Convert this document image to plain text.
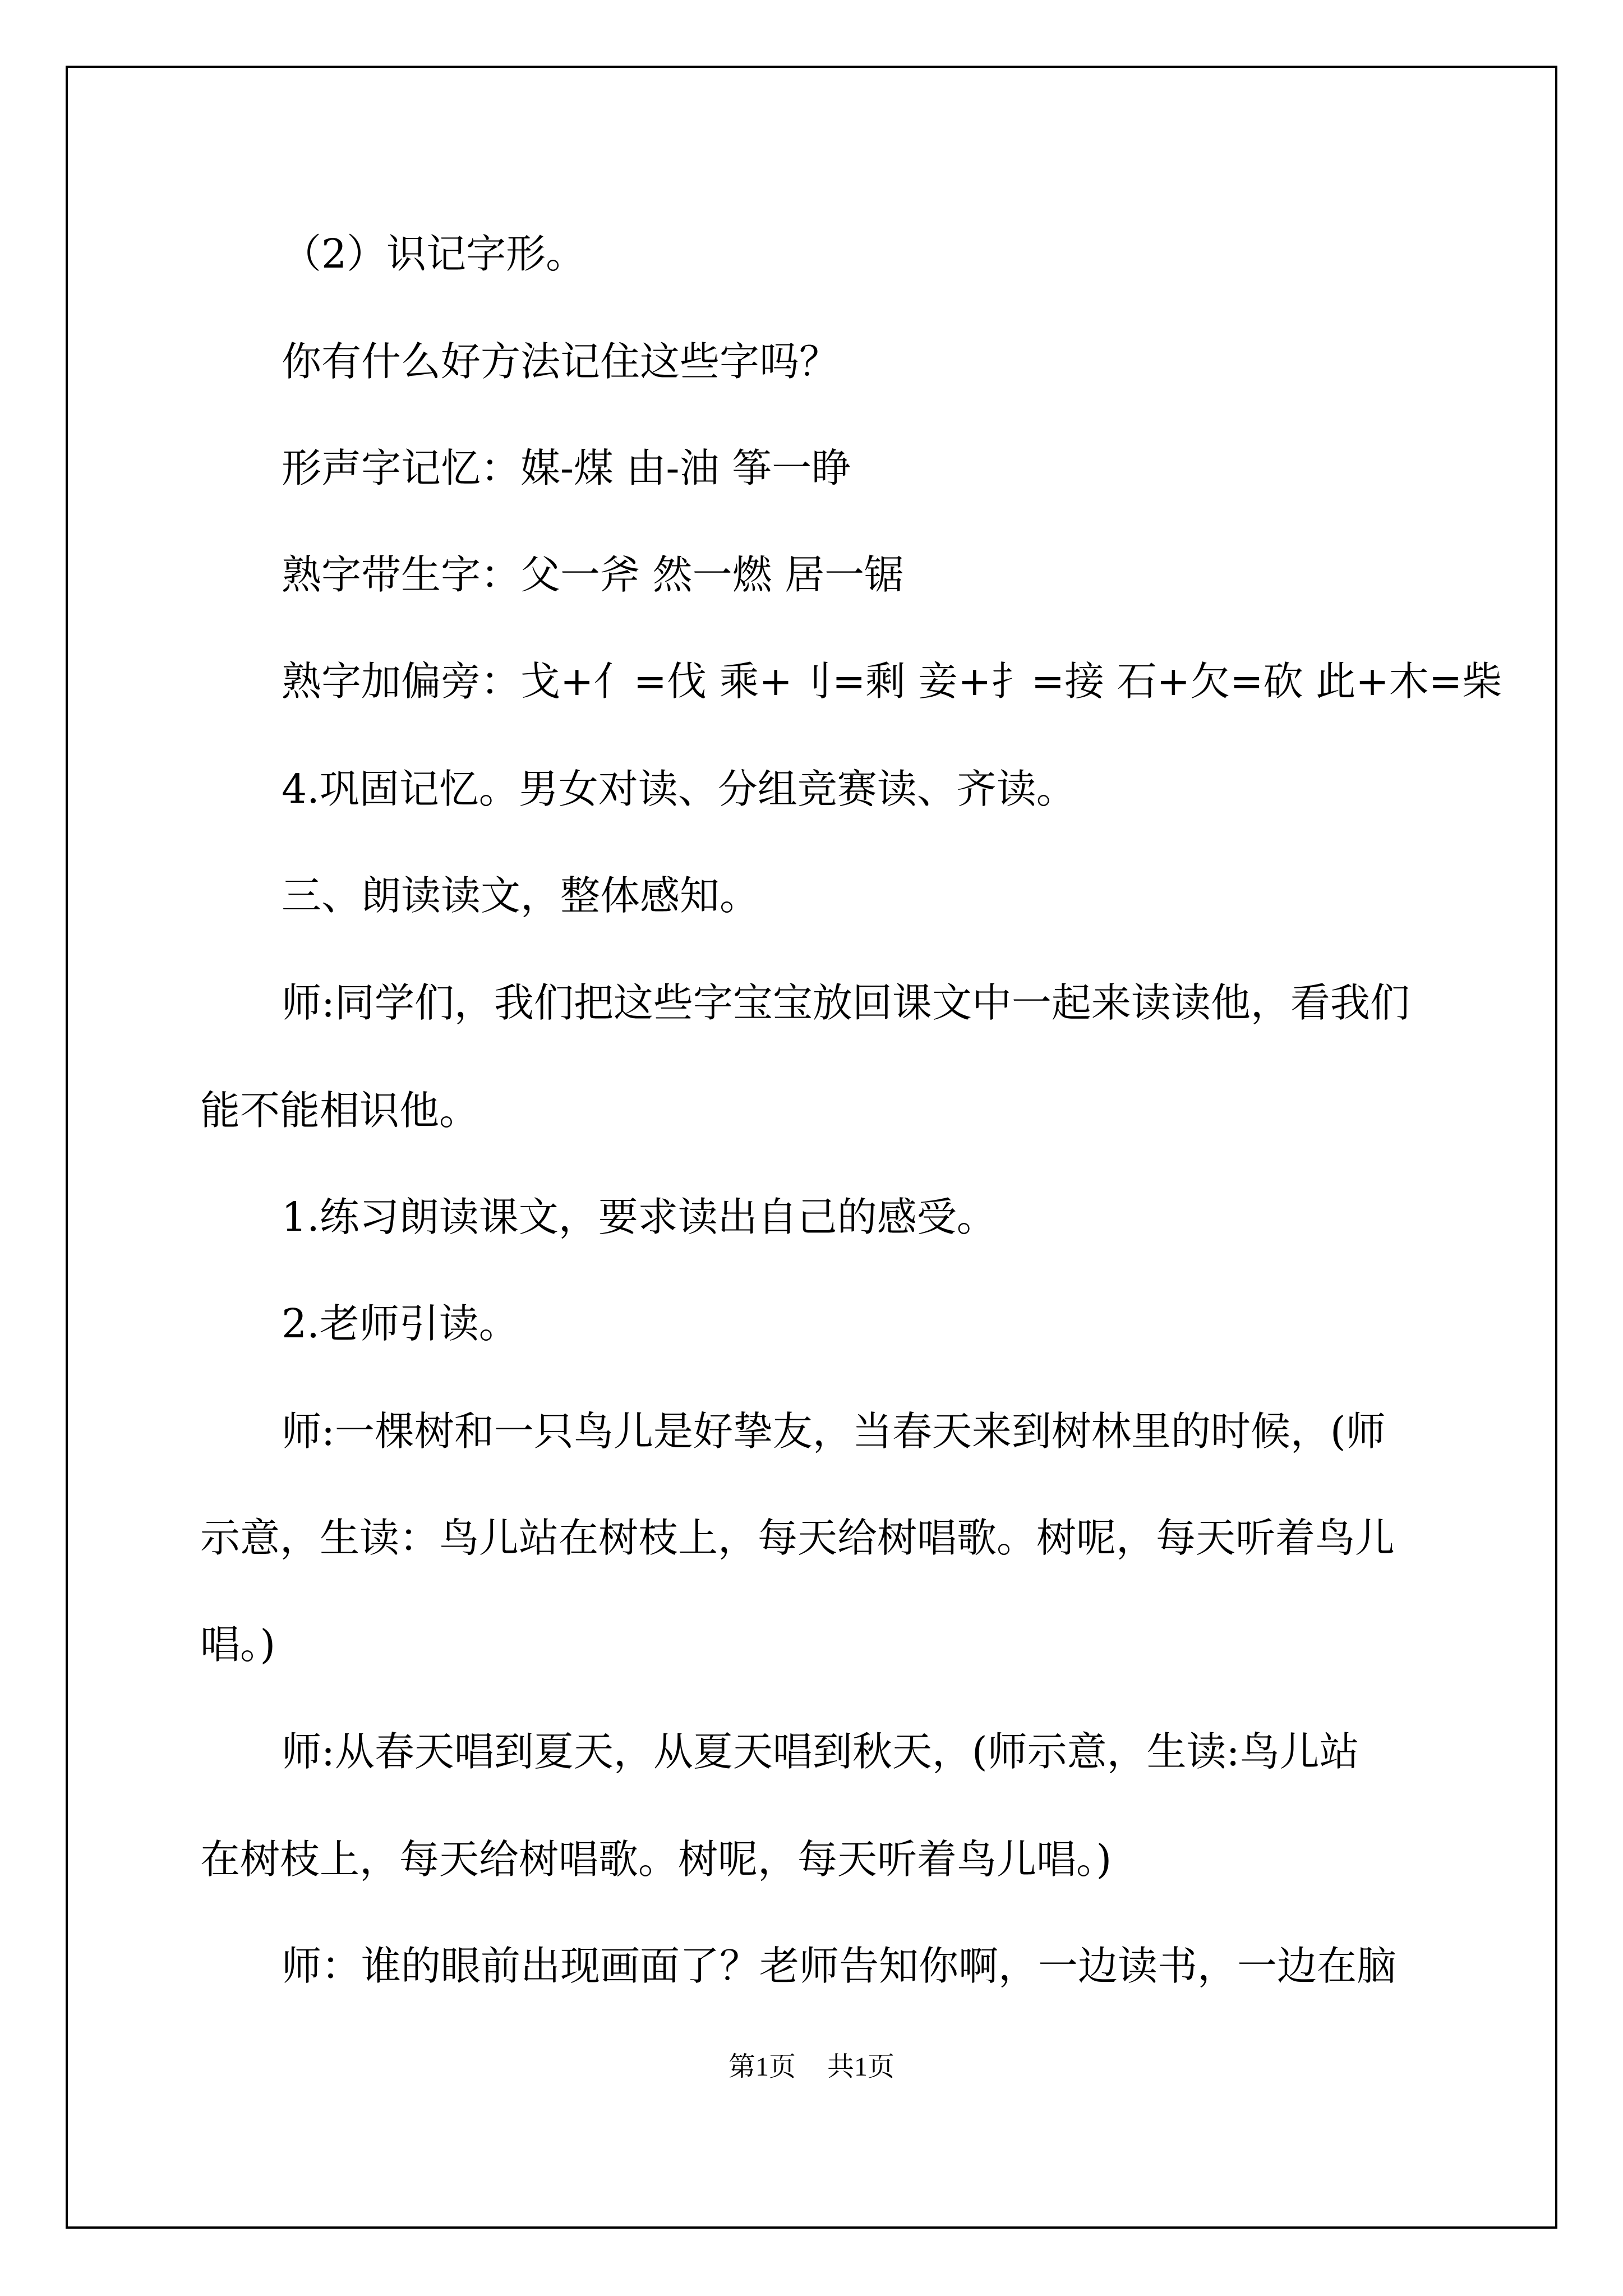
（2）识记字形。
你有什么好方法记住这些字吗？
形声字记忆：媒-煤 由-油 筝一睁
熟字带生字：父一斧 然一燃 居一锯
熟字加偏旁：戈+亻=伐 乘+刂=剩 妾+扌=接 石+欠=砍 此+木=柴
4.巩固记忆。男女对读、分组竞赛读、齐读。
三、朗读读文，整体感知。
师:同学们，我们把这些字宝宝放回课文中一起来读读他，看我们
能不能相识他。
1.练习朗读课文，要求读出自己的感受。
2.老师引读。
师:一棵树和一只鸟儿是好挚友，当春天来到树林里的时候，(师
示意，生读：鸟儿站在树枝上，每天给树唱歌。树呢，每天听着鸟儿
唱。)
师:从春天唱到夏天，从夏天唱到秋天，(师示意，生读:鸟儿站
在树枝上，每天给树唱歌。树呢，每天听着鸟儿唱。)
师：谁的眼前出现画面了？老师告知你啊，一边读书，一边在脑
第1页 共1页
